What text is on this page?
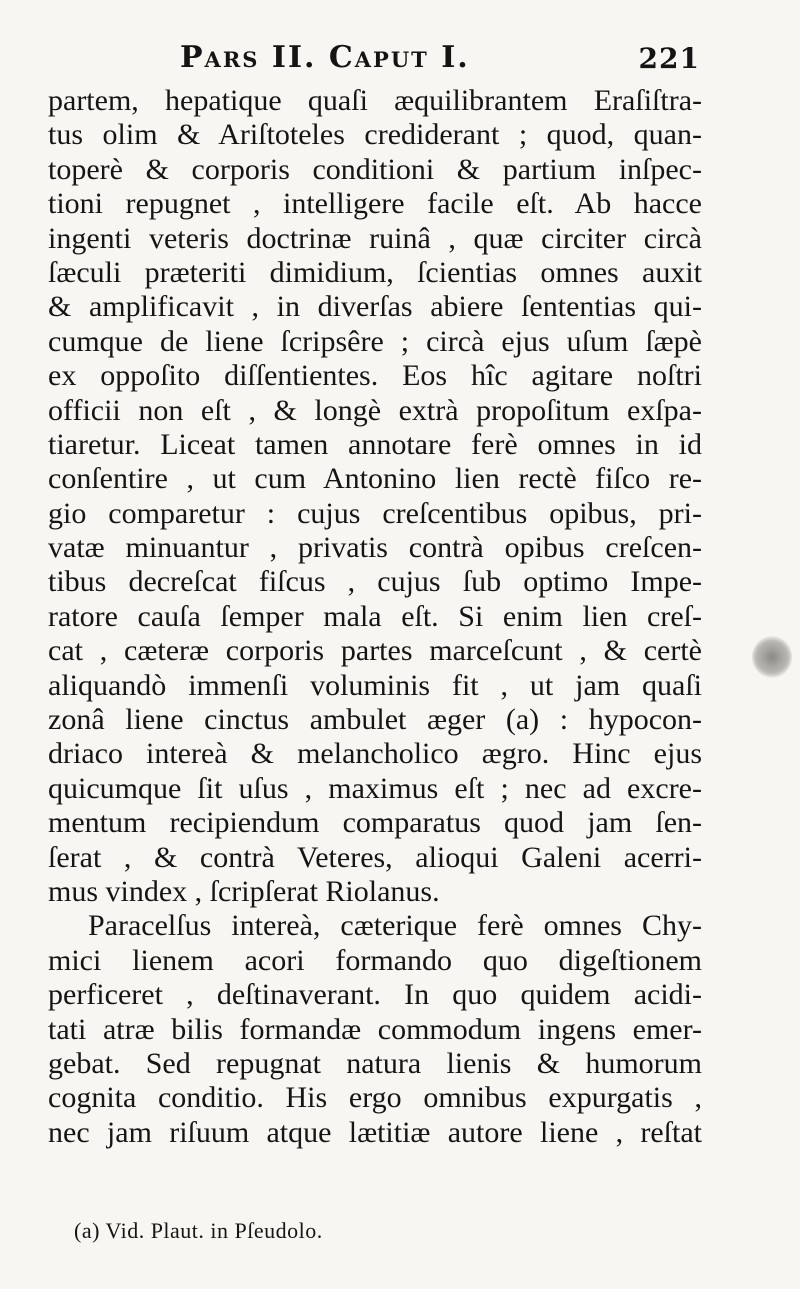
Pars II. Caput I.	221
partem, hepatique quaſi æquilibrantem Eraſiſtra-
tus olim & Ariſtoteles crediderant ; quod, quan-
toperè & corporis conditioni & partium inſpec-
tioni repugnet , intelligere facile eſt. Ab hacce
ingenti veteris doctrinæ ruinâ , quæ circiter circà
ſæculi præteriti dimidium, ſcientias omnes auxit
& amplificavit , in diverſas abiere ſententias qui-
cumque de liene ſcripsêre ; circà ejus uſum ſæpè
ex oppoſito diſſentientes. Eos hîc agitare noſtri
officii non eſt , & longè extrà propoſitum exſpa-
tiaretur. Liceat tamen annotare ferè omnes in id
conſentire , ut cum Antonino lien rectè fiſco re-
gio comparetur : cujus creſcentibus opibus, pri-
vatæ minuantur , privatis contrà opibus creſcen-
tibus decreſcat fiſcus , cujus ſub optimo Impe-
ratore cauſa ſemper mala eſt. Si enim lien creſ-
cat , cæteræ corporis partes marceſcunt , & certè
aliquandò immenſi voluminis fit , ut jam quaſi
zonâ liene cinctus ambulet æger (a) : hypocon-
driaco intereà & melancholico ægro. Hinc ejus
quicumque ſit uſus , maximus eſt ; nec ad excre-
mentum recipiendum comparatus quod jam ſen-
ſerat , & contrà Veteres, alioqui Galeni acerri-
mus vindex , ſcripſerat Riolanus.
Paracelſus intereà, cæterique ferè omnes Chy-
mici lienem acori formando quo digeſtionem
perficeret , deſtinaverant. In quo quidem acidi-
tati atræ bilis formandæ commodum ingens emer-
gebat. Sed repugnat natura lienis & humorum
cognita conditio. His ergo omnibus expurgatis ,
nec jam riſuum atque lætitiæ autore liene , reſtat
(a) Vid. Plaut. in Pſeudolo.
